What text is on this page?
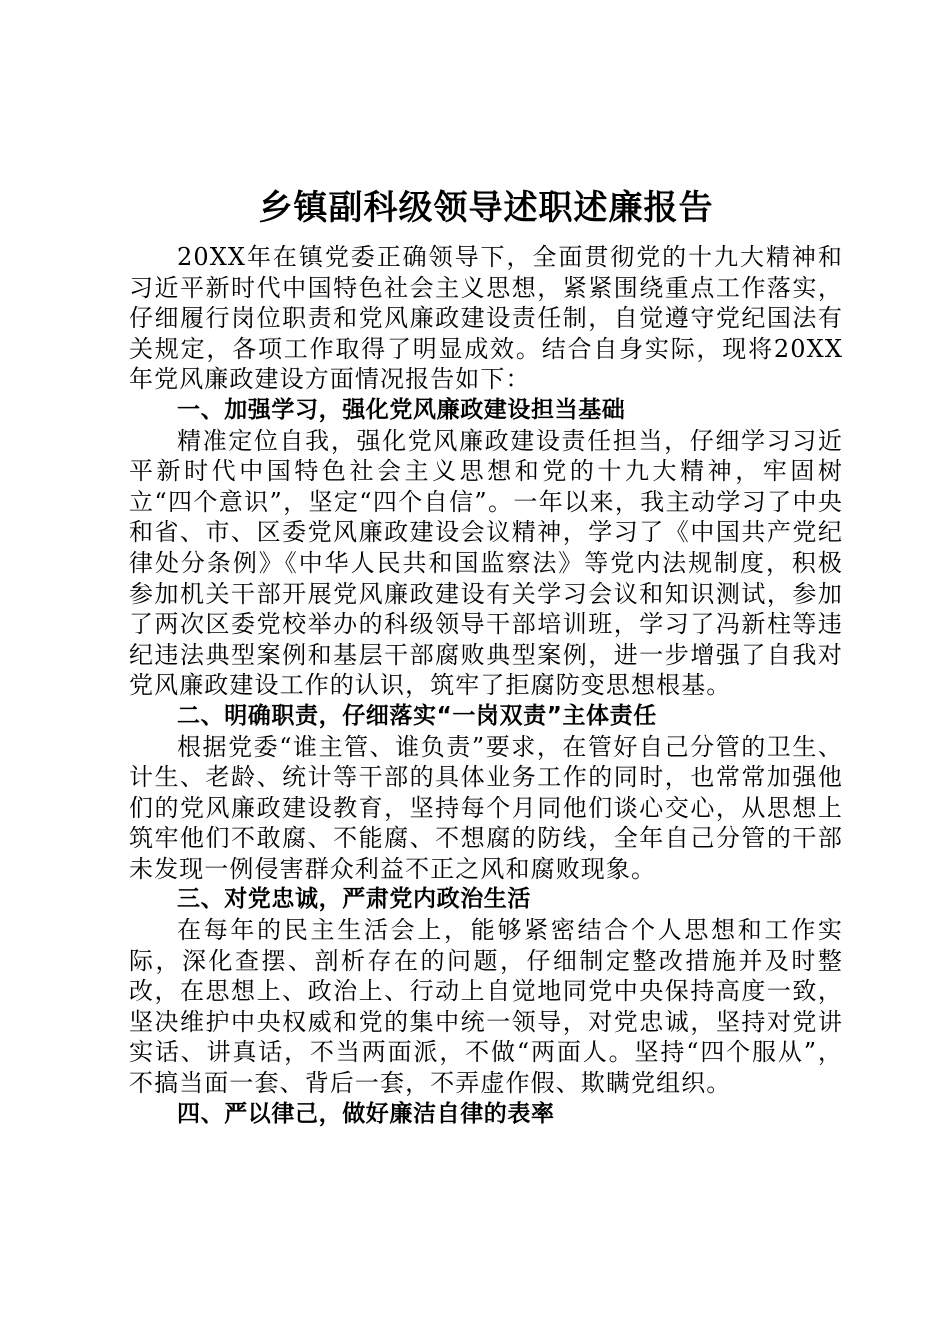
乡镇副科级领导述职述廉报告

20XX年在镇党委正确领导下，全面贯彻党的十九大精神和习近平新时代中国特色社会主义思想，紧紧围绕重点工作落实，仔细履行岗位职责和党风廉政建设责任制，自觉遵守党纪国法有关规定，各项工作取得了明显成效。结合自身实际，现将20XX年党风廉政建设方面情况报告如下：

一、加强学习，强化党风廉政建设担当基础

精准定位自我，强化党风廉政建设责任担当，仔细学习习近平新时代中国特色社会主义思想和党的十九大精神，牢固树立“四个意识”，坚定“四个自信”。一年以来，我主动学习了中央和省、市、区委党风廉政建设会议精神，学习了《中国共产党纪律处分条例》《中华人民共和国监察法》等党内法规制度，积极参加机关干部开展党风廉政建设有关学习会议和知识测试，参加了两次区委党校举办的科级领导干部培训班，学习了冯新柱等违纪违法典型案例和基层干部腐败典型案例，进一步增强了自我对党风廉政建设工作的认识，筑牢了拒腐防变思想根基。

二、明确职责，仔细落实“一岗双责”主体责任

根据党委“谁主管、谁负责”要求，在管好自己分管的卫生、计生、老龄、统计等干部的具体业务工作的同时，也常常加强他们的党风廉政建设教育，坚持每个月同他们谈心交心，从思想上筑牢他们不敢腐、不能腐、不想腐的防线，全年自己分管的干部未发现一例侵害群众利益不正之风和腐败现象。

三、对党忠诚，严肃党内政治生活

在每年的民主生活会上，能够紧密结合个人思想和工作实际，深化查摆、剖析存在的问题，仔细制定整改措施并及时整改，在思想上、政治上、行动上自觉地同党中央保持高度一致，坚决维护中央权威和党的集中统一领导，对党忠诚，坚持对党讲实话、讲真话，不当两面派，不做“两面人。坚持“四个服从”，不搞当面一套、背后一套，不弄虚作假、欺瞒党组织。

四、严以律己，做好廉洁自律的表率
